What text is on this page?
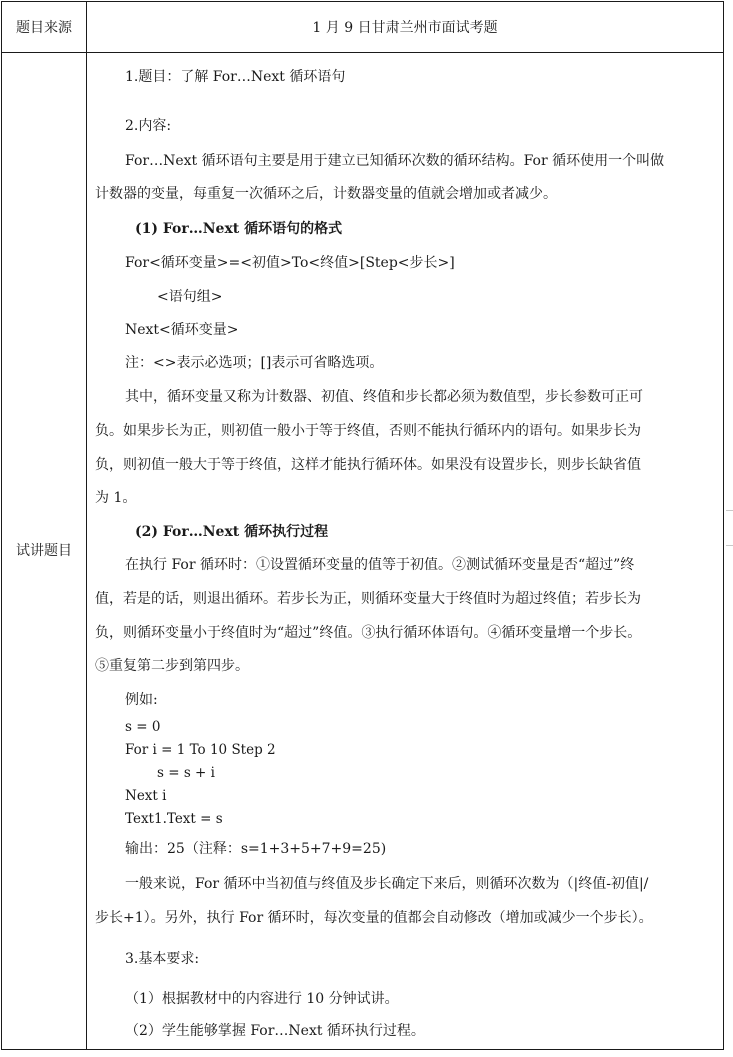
题目来源	1 月 9 日甘肃兰州市面试考题
试讲题目
1.题目：了解 For…Next 循环语句
2.内容:
For…Next 循环语句主要是用于建立已知循环次数的循环结构。For 循环使用一个叫做
计数器的变量，每重复一次循环之后，计数器变量的值就会增加或者减少。
(1) For…Next 循环语句的格式
For<循环变量>=<初值>To<终值>[Step<步长>]
<语句组>
Next<循环变量>
注：<>表示必选项；[]表示可省略选项。
其中，循环变量又称为计数器、初值、终值和步长都必须为数值型，步长参数可正可
负。如果步长为正，则初值一般小于等于终值，否则不能执行循环内的语句。如果步长为
负，则初值一般大于等于终值，这样才能执行循环体。如果没有设置步长，则步长缺省值
为 1。
(2) For…Next 循环执行过程
在执行 For 循环时：①设置循环变量的值等于初值。②测试循环变量是否“超过”终
值，若是的话，则退出循环。若步长为正，则循环变量大于终值时为超过终值；若步长为
负，则循环变量小于终值时为“超过”终值。③执行循环体语句。④循环变量增一个步长。
⑤重复第二步到第四步。
例如:
s = 0
For i = 1 To 10 Step 2
s = s + i
Next i
Text1.Text = s
输出：25（注释：s=1+3+5+7+9=25)
一般来说，For 循环中当初值与终值及步长确定下来后，则循环次数为（|终值-初值|/
步长+1）。另外，执行 For 循环时，每次变量的值都会自动修改（增加或减少一个步长）。
3.基本要求:
（1）根据教材中的内容进行 10 分钟试讲。
（2）学生能够掌握 For…Next 循环执行过程。
